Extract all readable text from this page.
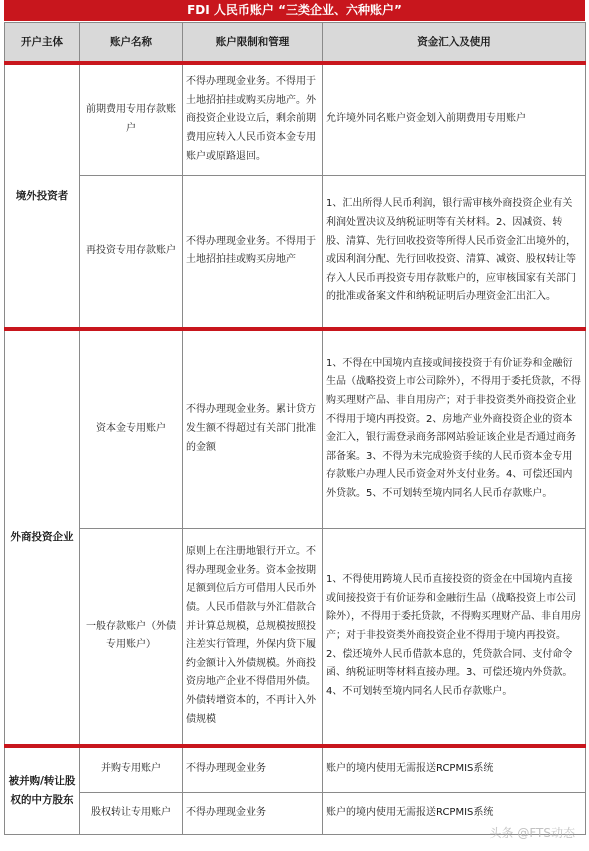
FDI 人民币账户 “三类企业、六种账户”
开户主体	账户名称	账户限制和管理	资金汇入及使用
境外投资者	前期费用专用存款账户	不得办理现金业务。不得用于土地招拍挂或购买房地产。外商投资企业设立后，剩余前期费用应转入人民币资本金专用账户或原路退回。	允许境外同名账户资金划入前期费用专用账户
	再投资专用存款账户	不得办理现金业务。不得用于土地招拍挂或购买房地产	1、汇出所得人民币利润，银行需审核外商投资企业有关利润处置决议及纳税证明等有关材料。2、因减资、转股、清算、先行回收投资等所得人民币资金汇出境外的，或因利润分配、先行回收投资、清算、减资、股权转让等存入人民币再投资专用存款账户的，应审核国家有关部门的批准或备案文件和纳税证明后办理资金汇出汇入。
外商投资企业	资本金专用账户	不得办理现金业务。累计贷方发生额不得超过有关部门批准的金额	1、不得在中国境内直接或间接投资于有价证券和金融衍生品（战略投资上市公司除外），不得用于委托贷款，不得购买理财产品、非自用房产；对于非投资类外商投资企业不得用于境内再投资。2、房地产业外商投资企业的资本金汇入，银行需登录商务部网站验证该企业是否通过商务部备案。3、不得为未完成验资手续的人民币资本金专用存款账户办理人民币资金对外支付业务。4、可偿还国内外贷款。5、不可划转至境内同名人民币存款账户。
	一般存款账户（外债专用账户）	原则上在注册地银行开立。不得办理现金业务。资本金按期足额到位后方可借用人民币外债。人民币借款与外汇借款合并计算总规模，总规模按照投注差实行管理，外保内贷下履约金额计入外债规模。外商投资房地产企业不得借用外债。外债转增资本的，不再计入外债规模	1、不得使用跨境人民币直接投资的资金在中国境内直接或间接投资于有价证券和金融衍生品（战略投资上市公司除外），不得用于委托贷款，不得购买理财产品、非自用房产；对于非投资类外商投资企业不得用于境内再投资。2、偿还境外人民币借款本息的，凭贷款合同、支付命令函、纳税证明等材料直接办理。3、可偿还境内外贷款。4、不可划转至境内同名人民币存款账户。
被并购/转让股权的中方股东	并购专用账户	不得办理现金业务	账户的境内使用无需报送RCPMIS系统
	股权转让专用账户	不得办理现金业务	账户的境内使用无需报送RCPMIS系统
头条 @FTS动态
